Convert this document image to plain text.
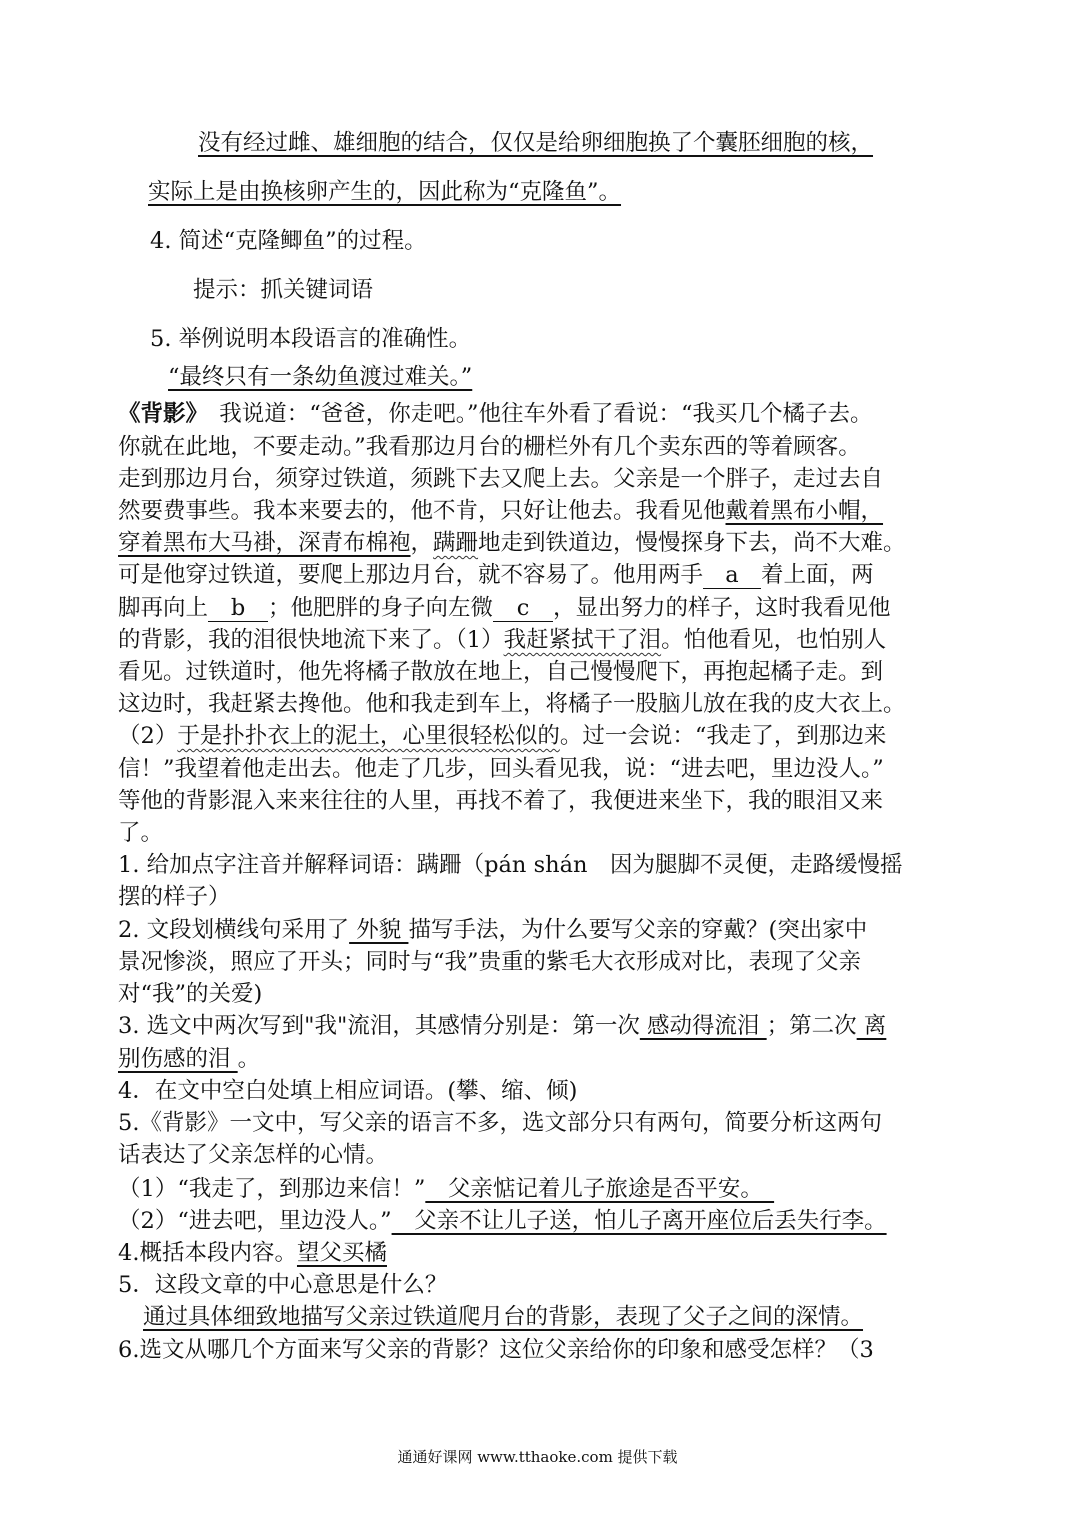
没有经过雌、雄细胞的结合，仅仅是给卵细胞换了个囊胚细胞的核，
实际上是由换核卵产生的，因此称为“克隆鱼”。
4. 简述“克隆鲫鱼”的过程。
提示：抓关键词语
5. 举例说明本段语言的准确性。
“最终只有一条幼鱼渡过难关。”
《背影》　我说道：“爸爸，你走吧。”他往车外看了看说：“我买几个橘子去。
你就在此地，不要走动。”我看那边月台的栅栏外有几个卖东西的等着顾客。
走到那边月台，须穿过铁道，须跳下去又爬上去。父亲是一个胖子，走过去自
然要费事些。我本来要去的，他不肯，只好让他去。我看见他戴着黑布小帽，
穿着黑布大马褂，深青布棉袍，蹒跚地走到铁道边，慢慢探身下去，尚不大难。
可是他穿过铁道，要爬上那边月台，就不容易了。他用两手 a 着上面，两
脚再向上 b ；他肥胖的身子向左微 c ，显出努力的样子，这时我看见他
的背影，我的泪很快地流下来了。（1）我赶紧拭干了泪。怕他看见，也怕别人
看见。过铁道时，他先将橘子散放在地上，自己慢慢爬下，再抱起橘子走。到
这边时，我赶紧去搀他。他和我走到车上，将橘子一股脑儿放在我的皮大衣上。
（2）于是扑扑衣上的泥土，心里很轻松似的。过一会说：“我走了，到那边来
信！”我望着他走出去。他走了几步，回头看见我，说：“进去吧，里边没人。”
等他的背影混入来来往往的人里，再找不着了，我便进来坐下，我的眼泪又来
了。
1. 给加点字注音并解释词语：蹒跚（pán shán　因为腿脚不灵便，走路缓慢摇
摆的样子）
2. 文段划横线句采用了 外貌 描写手法，为什么要写父亲的穿戴？(突出家中
景况惨淡，照应了开头；同时与“我”贵重的紫毛大衣形成对比，表现了父亲
对“我”的关爱)
3. 选文中两次写到"我"流泪，其感情分别是：第一次 感动得流泪 ；第二次 离
别伤感的泪 。
4．在文中空白处填上相应词语。(攀、缩、倾)
5.《背影》一文中，写父亲的语言不多，选文部分只有两句，简要分析这两句
话表达了父亲怎样的心情。
（1）“我走了，到那边来信！”　父亲惦记着儿子旅途是否平安。　
（2）“进去吧，里边没人。”　父亲不让儿子送，怕儿子离开座位后丢失行李。
4.概括本段内容。望父买橘
5．这段文章的中心意思是什么？
通过具体细致地描写父亲过铁道爬月台的背影，表现了父子之间的深情。
6.选文从哪几个方面来写父亲的背影？这位父亲给你的印象和感受怎样？（3
通通好课网 www.tthaoke.com 提供下载
